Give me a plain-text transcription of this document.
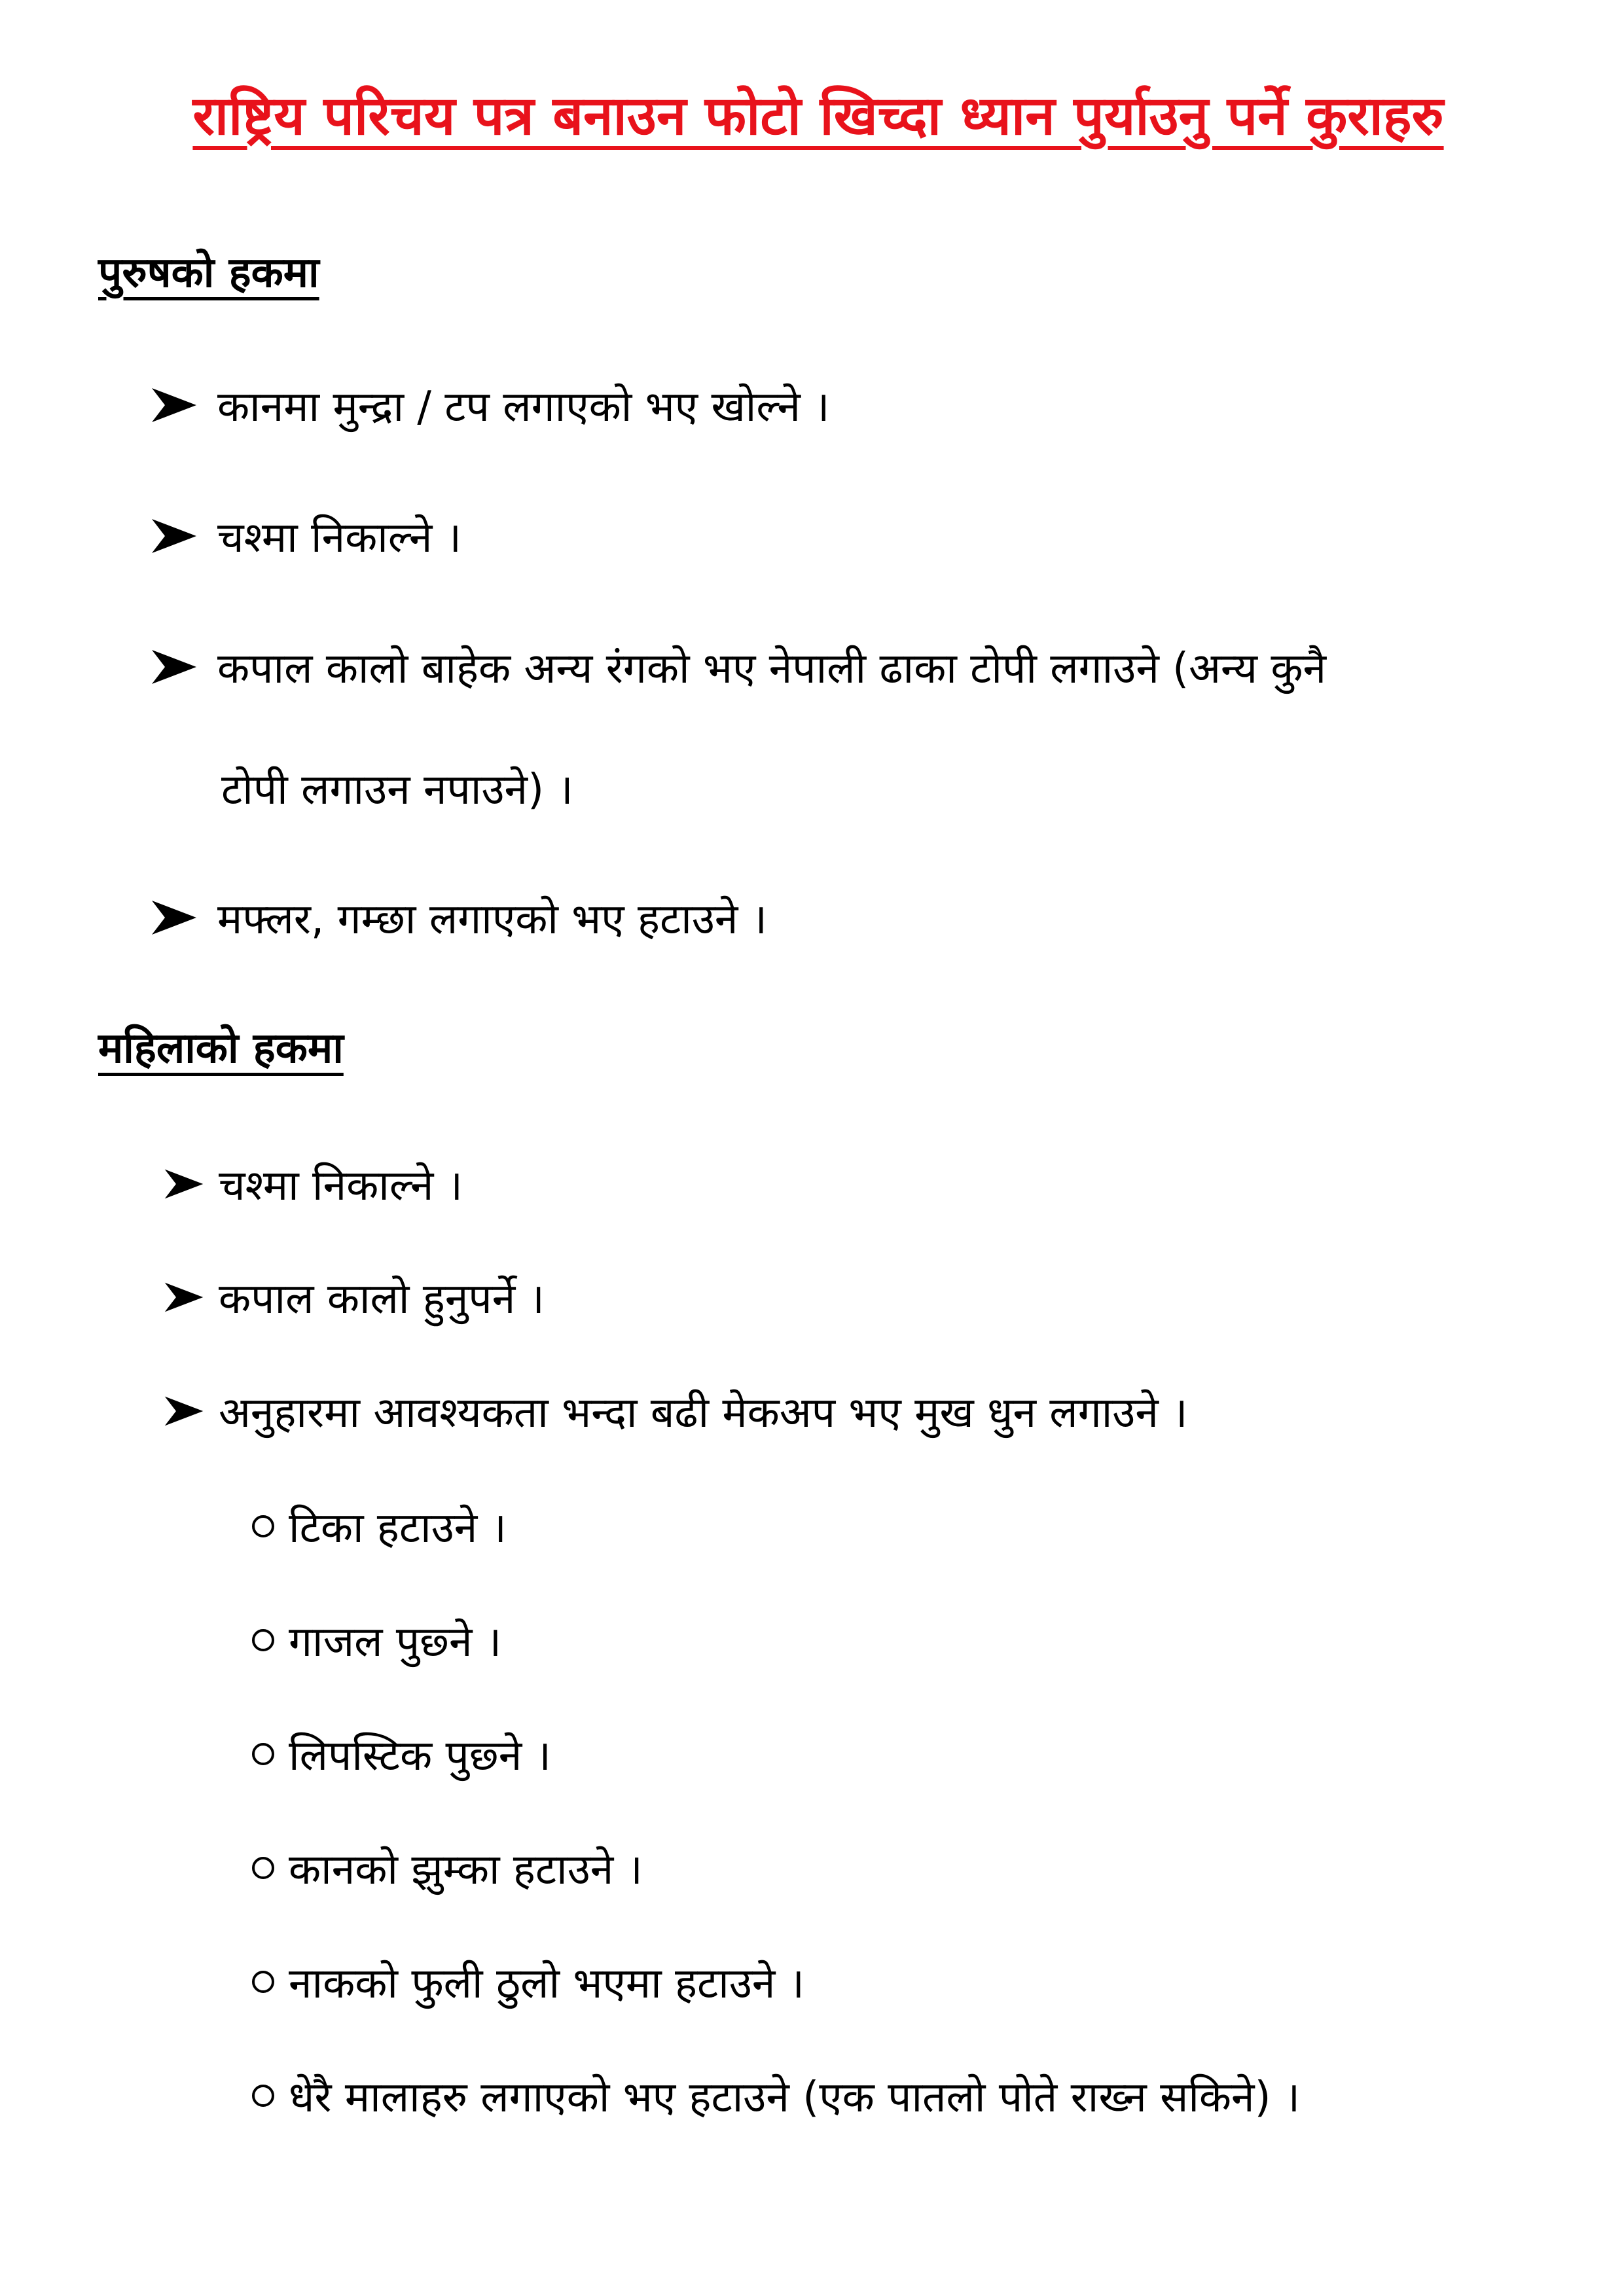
राष्ट्रिय परिचय पत्र बनाउन फोटो खिच्दा ध्यान पुर्याउनु पर्ने कुराहरु
पुरुषको हकमा
कानमा मुन्द्रा / टप लगाएको भए खोल्ने ।
चश्मा निकाल्ने ।
कपाल कालो बाहेक अन्य रंगको भए नेपाली ढाका टोपी लगाउने (अन्य कुनै
टोपी लगाउन नपाउने) ।
मफ्लर, गम्छा लगाएको भए हटाउने ।
महिलाको हकमा
चश्मा निकाल्ने ।
कपाल कालो हुनुपर्ने ।
अनुहारमा आवश्यकता भन्दा बढी मेकअप भए मुख धुन लगाउने ।
टिका हटाउने ।
गाजल पुछ्ने ।
लिपस्टिक पुछ्ने ।
कानको झुम्का हटाउने ।
नाकको फुली ठुलो भएमा हटाउने ।
धेरै मालाहरु लगाएको भए हटाउने (एक पातलो पोते राख्न सकिने) ।
